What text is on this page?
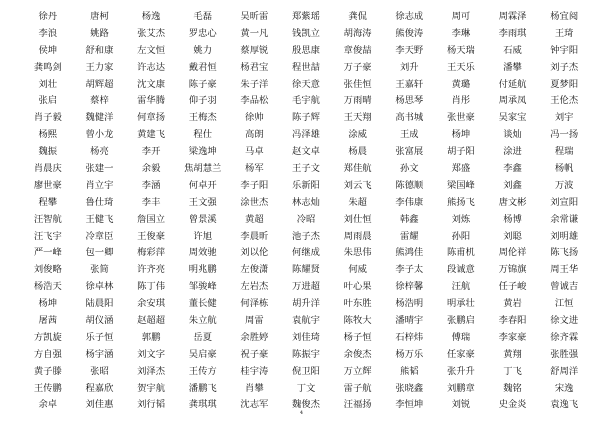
徐丹	唐柯	杨逸	毛磊	吴昕雷	郑紫瑶	龚侃	徐志成	周可	周霖泽	杨宜阅
李浪	姚路	张艾杰	罗忠心	黄一凡	钱凯立	胡海涛	熊俊涛	李琳	李雨琪	王琦
侯坤	舒和康	左文恒	姚力	蔡厚锐	殷思康	章俊喆	李天野	杨天瑞	石威	钟宇阳
龚鸣剑	王力家	许志达	戴君恒	杨君宝	程世喆	万子豪	刘升	王天乐	潘攀	刘子杰
刘壮	胡辉超	沈文康	陈子豪	朱子洋	徐天意	张佳恒	王嘉轩	黄璐	付延航	夏梦阳
张启	蔡梓	雷华腾	仰子羽	李品松	毛宇航	万雨晴	杨思琴	肖彤	周承凤	王伦杰
肖子毅	魏健洋	何章扬	王梅杰	徐帅	陈子辉	王天翔	高书城	张世豪	吴家宝	刘宇
杨熙	曾小龙	黄建飞	程仕	高朗	冯泽雄	涂威	王成	杨坤	谈灿	冯一扬
魏振	杨亮	李开	梁逸坤	马卓	赵文卓	杨晨	张富展	胡子阳	涂进	程瑞
肖晨庆	张建一	余毅	焦胡慧兰	杨军	王子文	郑佳航	孙文	郑盛	李鑫	杨帆
廖世豪	肖立宇	李涵	何卓开	李子阳	乐新阳	刘云飞	陈德顺	梁国峰	刘鑫	万波
程攀	鲁仕琦	李丰	王文强	涂世杰	林志灿	朱超	李伟康	熊扬飞	唐文彬	刘宣阳
汪智航	王健飞	詹国立	曾景溪	黄超	冷昭	刘仕恒	韩鑫	刘炼	杨博	余常谦
汪飞宇	冷章臣	王俊豪	许旭	李晨昕	池子杰	周雨晨	雷耀	孙阳	刘聪	刘明雄
严一峰	包一卿	梅彩萍	周效驰	刘以伦	何继成	朱思伟	熊鸿佳	陈甫机	周伦祥	陈飞扬
刘俊略	张简	许齐亮	明兆鹏	左俊潇	陈耀贤	何威	李子太	段诚意	万锦旗	周王华
杨浩天	徐卓林	陈丁伟	邹骏峰	左岩杰	万进超	叶心果	徐梓馨	汪航	任子峻	曾诚吉
杨坤	陆晨阳	余安琪	董长健	何泽栋	胡升洋	叶东胜	杨浩明	明承壮	黄岩	江恒
屠茜	胡仪涵	赵超超	朱立航	周雷	袁航宇	陈牧大	潘晴宇	张鹏启	李春阳	徐文进
方凯旋	乐子恒	郭鹏	岳夏	余胜婷	刘佳琦	杨子恒	石梓炜	傅瑞	李家豪	徐齐霖
方自强	杨宇涵	刘文字	吴启豪	祝子豪	陈振宇	余俊杰	杨万乐	任家豪	黄翔	张胜强
黄子滕	张昭	刘泽杰	王传方	桂宇涛	倪卫阳	万立辉	熊韬	张升升	丁飞	舒周洋
王传鹏	程嘉欣	贺宇航	潘鹏飞	肖攀	丁文	雷子航	张晓鑫	刘鹏章	魏铭	宋逸
余卓	刘佳惠	刘行韬	龚琪琪	沈志军	魏俊杰	汪福扬	李恒坤	刘锐	史金炎	袁逸飞
4
